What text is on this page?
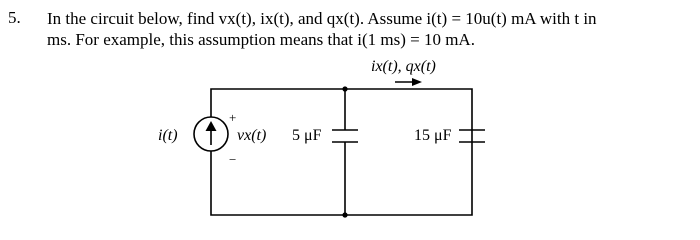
5. In the circuit below, find vx(t), ix(t), and qx(t). Assume i(t) = 10u(t) mA with t in
ms. For example, this assumption means that i(1 ms) = 10 mA.
ix(t), qx(t)
i(t)
+
−
vx(t) 5 μF	15 μF
